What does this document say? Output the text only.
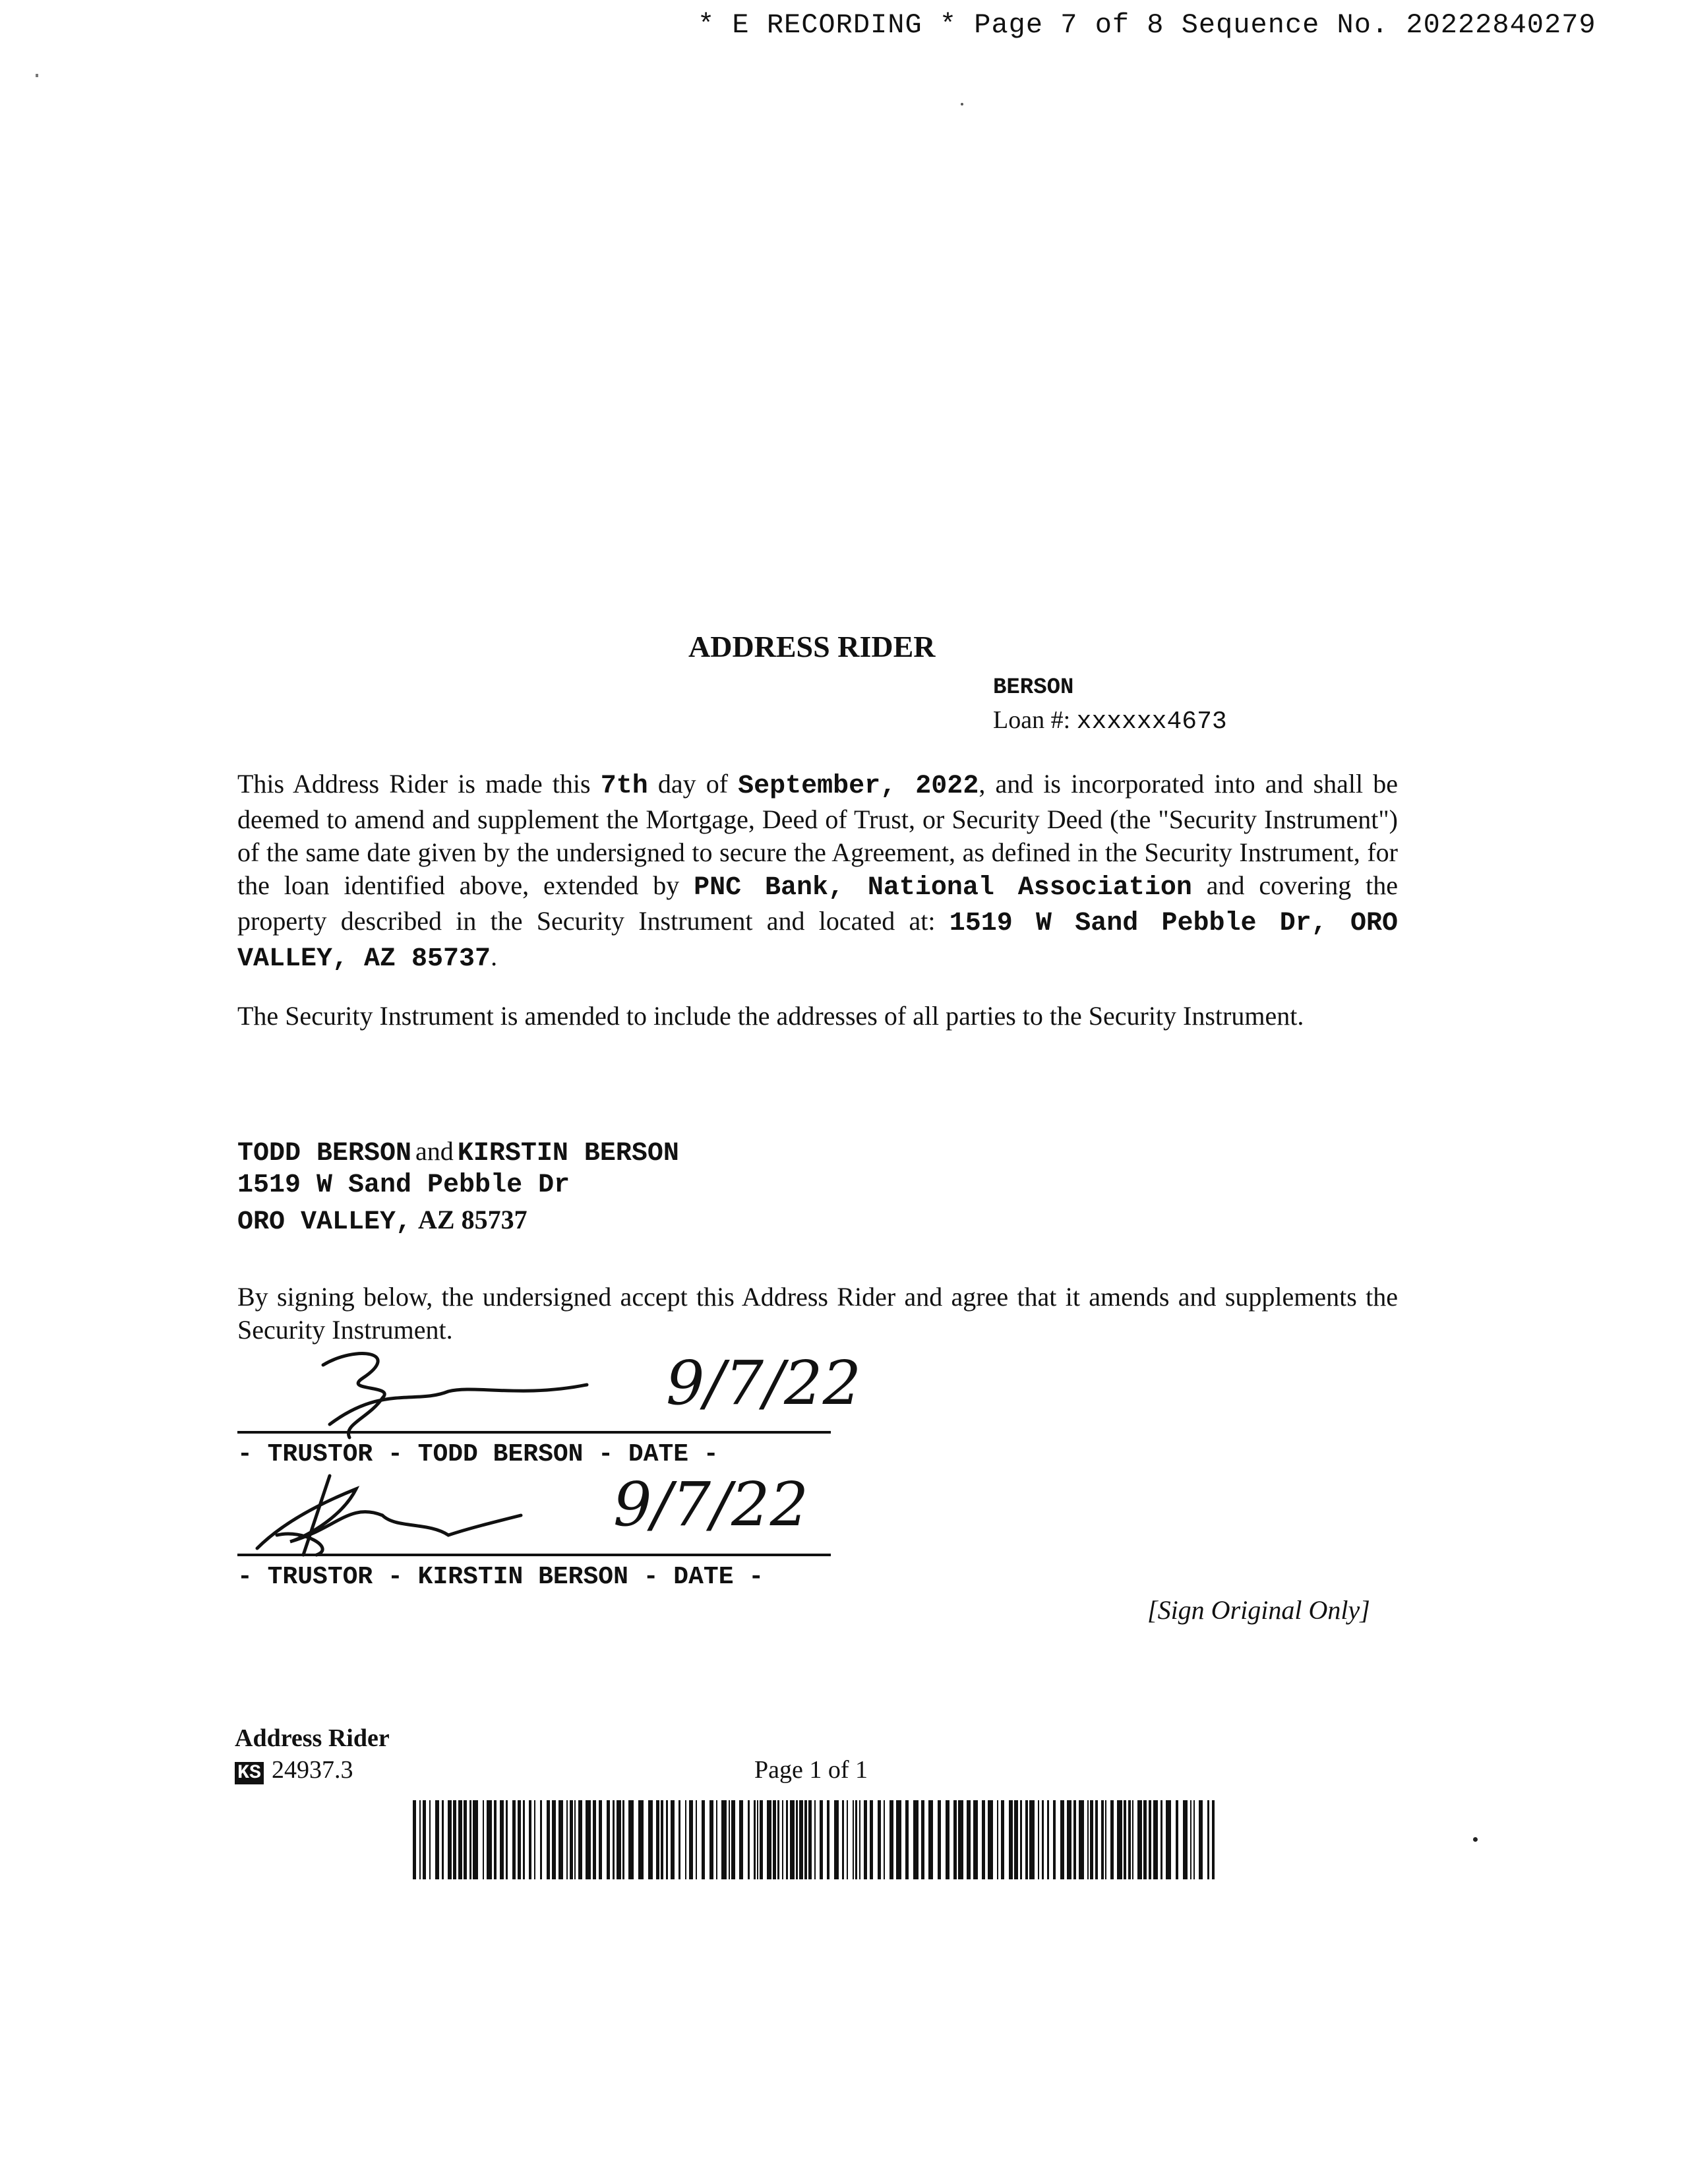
* E RECORDING * Page 7 of 8 Sequence No. 20222840279
ADDRESS RIDER
BERSON
Loan #: xxxxxx4673
This Address Rider is made this 7th day of September, 2022, and is incorporated into and shall be deemed to amend and supplement the Mortgage, Deed of Trust, or Security Deed (the "Security Instrument") of the same date given by the undersigned to secure the Agreement, as defined in the Security Instrument, for the loan identified above, extended by PNC Bank, National Association and covering the property described in the Security Instrument and located at: 1519 W Sand Pebble Dr, ORO VALLEY, AZ 85737.
The Security Instrument is amended to include the addresses of all parties to the Security Instrument.
TODD BERSON and KIRSTIN BERSON
1519 W Sand Pebble Dr
ORO VALLEY, AZ 85737
By signing below, the undersigned accept this Address Rider and agree that it amends and supplements the Security Instrument.
9/7/22
- TRUSTOR - TODD BERSON - DATE -
9/7/22
- TRUSTOR - KIRSTIN BERSON - DATE -
[Sign Original Only]
Address Rider
KS 24937.3	Page 1 of 1
